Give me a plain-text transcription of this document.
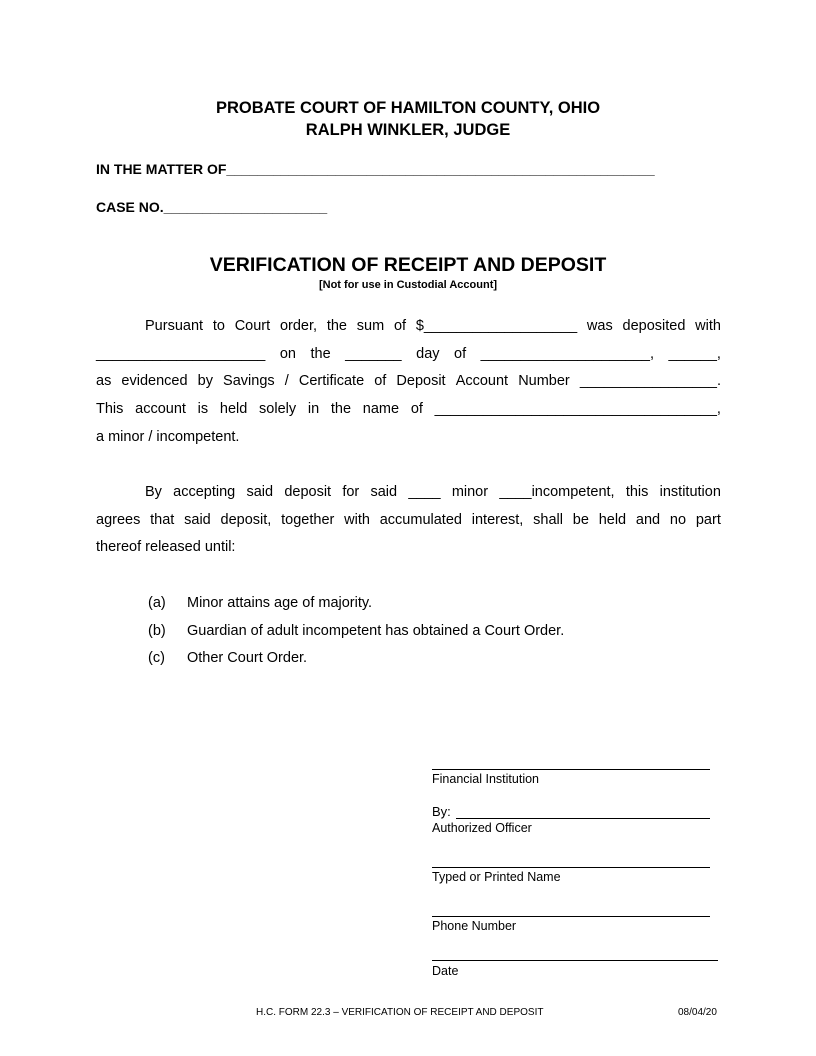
PROBATE COURT OF HAMILTON COUNTY, OHIO
RALPH WINKLER, JUDGE
IN THE MATTER OF_______________________________________________________
CASE NO._____________________
VERIFICATION OF RECEIPT AND DEPOSIT
[Not for use in Custodial Account]
Pursuant to Court order, the sum of $___________________ was deposited with
_____________________ on the _______ day of _____________________, ______,
as evidenced by Savings / Certificate of Deposit Account Number _________________.
This account is held solely in the name of ___________________________________,
a minor / incompetent.
By accepting said deposit for said ____ minor ____incompetent, this institution
agrees that said deposit, together with accumulated interest, shall be held and no part
thereof released until:
(a)	Minor attains age of majority.
(b)	Guardian of adult incompetent has obtained a Court Order.
(c)	Other Court Order.
Financial Institution
By:
Authorized Officer
Typed or Printed Name
Phone Number
Date
H.C. FORM 22.3 – VERIFICATION OF RECEIPT AND DEPOSIT	08/04/20
